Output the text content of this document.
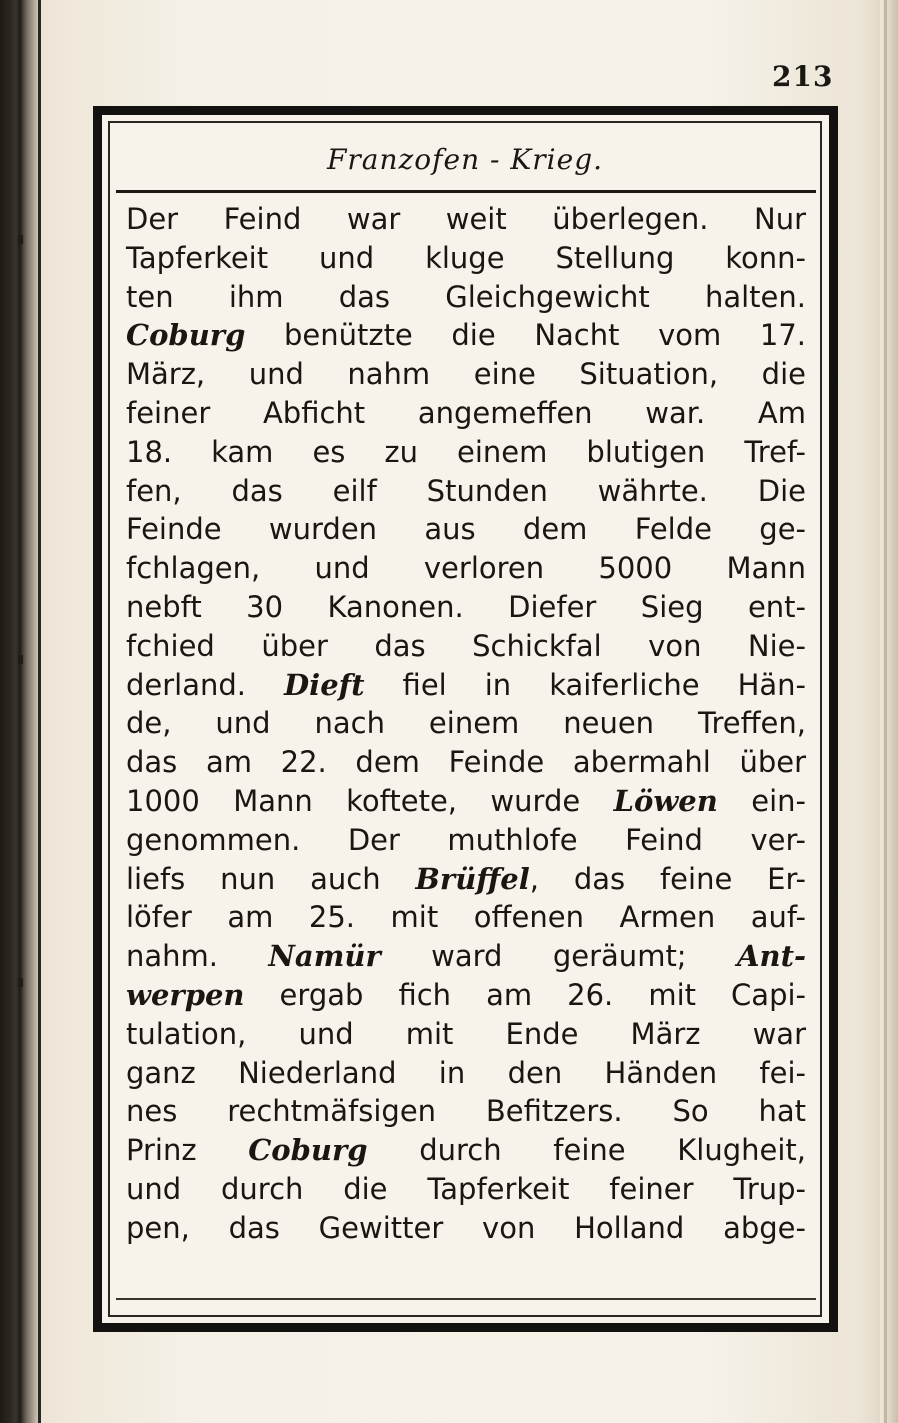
213
Franzofen - Krieg.
Der Feind war weit überlegen. Nur
Tapferkeit und kluge Stellung konn-
ten ihm das Gleichgewicht halten.
Coburg benützte die Nacht vom 17.
März, und nahm eine Situation, die
feiner Abficht angemeffen war. Am
18. kam es zu einem blutigen Tref-
fen, das eilf Stunden währte. Die
Feinde wurden aus dem Felde ge-
fchlagen, und verloren 5000 Mann
nebft 30 Kanonen. Diefer Sieg ent-
fchied über das Schickfal von Nie-
derland. Dieft fiel in kaiferliche Hän-
de, und nach einem neuen Treffen,
das am 22. dem Feinde abermahl über
1000 Mann koftete, wurde Löwen ein-
genommen. Der muthlofe Feind ver-
liefs nun auch Brüffel, das feine Er-
löfer am 25. mit offenen Armen auf-
nahm. Namür ward geräumt; Ant-
werpen ergab fich am 26. mit Capi-
tulation, und mit Ende März war
ganz Niederland in den Händen fei-
nes rechtmäfsigen Befitzers. So hat
Prinz Coburg durch feine Klugheit,
und durch die Tapferkeit feiner Trup-
pen, das Gewitter von Holland abge-
